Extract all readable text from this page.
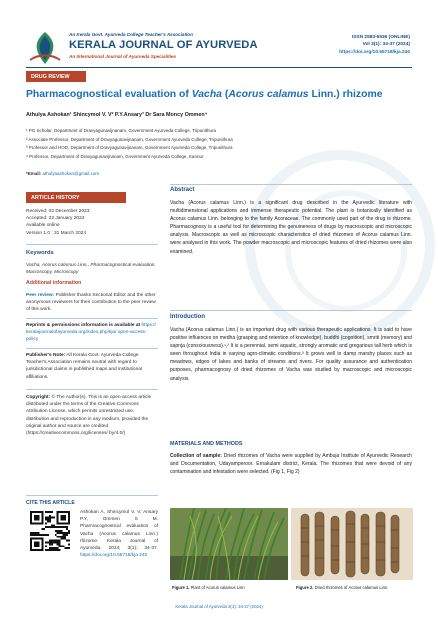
An Kerala Govt. Ayurveda College Teacher's Association
KERALA JOURNAL OF AYURVEDA
An International Journal of Ayurveda Specialities
ISSN 2583-6536 (ONLINE)
Vol 3(1): 34-37 (2024)
https://doi.org/10.55718/kja.240
DRUG REVIEW
Pharmacognostical evaluation of Vacha (Acorus calamus Linn.) rhizome
Athulya Ashokan¹ Shincymol V. V² P.Y.Ansary³ Dr Sara Moncy Ommen⁴
¹ PG Scholar, Department of Dravyagunavijnanam, Government Ayurveda College, Tripunithura
² Associate Professor, Department of Dravyagunavijnanam, Government Ayurveda College, Tripunithura
³ Professor and HOD, Department of Dravyagunavijnanam, Government Ayurveda College, Tripunithura
⁴ Professor, Department of Dravyagunavijnanam, Government Ayurveda College, Kannur
*Email: athulyaashokan@gmail.com
ARTICLE HISTORY
Received: 02 December 2023
Accepted: 22 January 2024
Available online
Version 1.0 : 31 March 2024
Keywords
Vacha, Acorus calamus Linn., Pharmacognostical evaluation, Macroscopy, Microscopy
Additional information
Peer review: Publisher thanks Sectional Editor and the other anonymous reviewers for their contribution to the peer review of this work.
Reprints & permissions information is available at https:// keralajournalofayurveda.org/index.php/kja/ open-access-policy
Publisher's Note: All Kerala Govt. Ayurveda College Teacher's Association remains neutral with regard to jurisdictional claims in published maps and institutional affiliations.
Copyright: © The Author(s). This is an open-access article distributed under the terms of the Creative Commons Attribution License, which permits unrestricted use, distribution and reproduction in any medium, provided the original author and source are credited (https://creativecommons.org/licenses/ by/4.0/)
CITE THIS ARTICLE
Ashokan A, Shincymol V. V, Ansary P.Y, Ommen S M. Pharmacognostical evaluation of Vacha (Acorus calamus Linn.) rhizome. Kerala Journal of Ayurveda. 2024; 3(1): 34-37. https://doi.org/10.55718/kja.240
Abstract
Vacha (Acorus calamus Linn.) is a significant drug described in the Ayurvedic literature with multidimensional applications and immense therapeutic potential. The plant is botanically identified as Acorus calamus Linn. belonging to the family Acoraceae. The commonly used part of the drug is rhizome. Pharmacognosy is a useful tool for determining the genuineness of drugs by macroscopic and microscopic analysis. Macroscopic as well as microscopic characteristics of dried rhizomes of Acorus calamus Linn. were analysed in this work. The powder macroscopic and microscopic features of dried rhizomes were also examined.
Introduction
Vacha (Acorus calamus Linn.) is an important drug with various therapeutic applications. It is said to have positive influences on medha (grasping and retention of knowledge), buddhi (cognition), smriti (memory) and sapnja (consciousness).¹,² It is a perennial, semi aquatic, strongly aromatic and gregarious tall herb which is seen throughout India in varying agro-climatic conditions.³ It grows well in damp marshy places such as meadows, edges of lakes and banks of streams and rivers. For quality assurance and authentication purposes, pharmacognosy of dried rhizomes of Vacha was studied by macroscopic and microscopic analysis.
MATERIALS AND METHODS
Collection of sample: Dried rhizomes of Vacha were supplied by Ambuja Institute of Ayurvedic Research and Documentation, Udayamperoor. Ernakulam district, Kerala. The rhizomes that were devoid of any contamination and infestation were selected. (Fig 1, Fig 2)
Figure 1. Plant of Acorus calamus Linn	Figure 2. Dried rhizomes of Acorus calamus Linn.
Kerala Journal of Ayurveda 3(1): 34-37 (2024)
